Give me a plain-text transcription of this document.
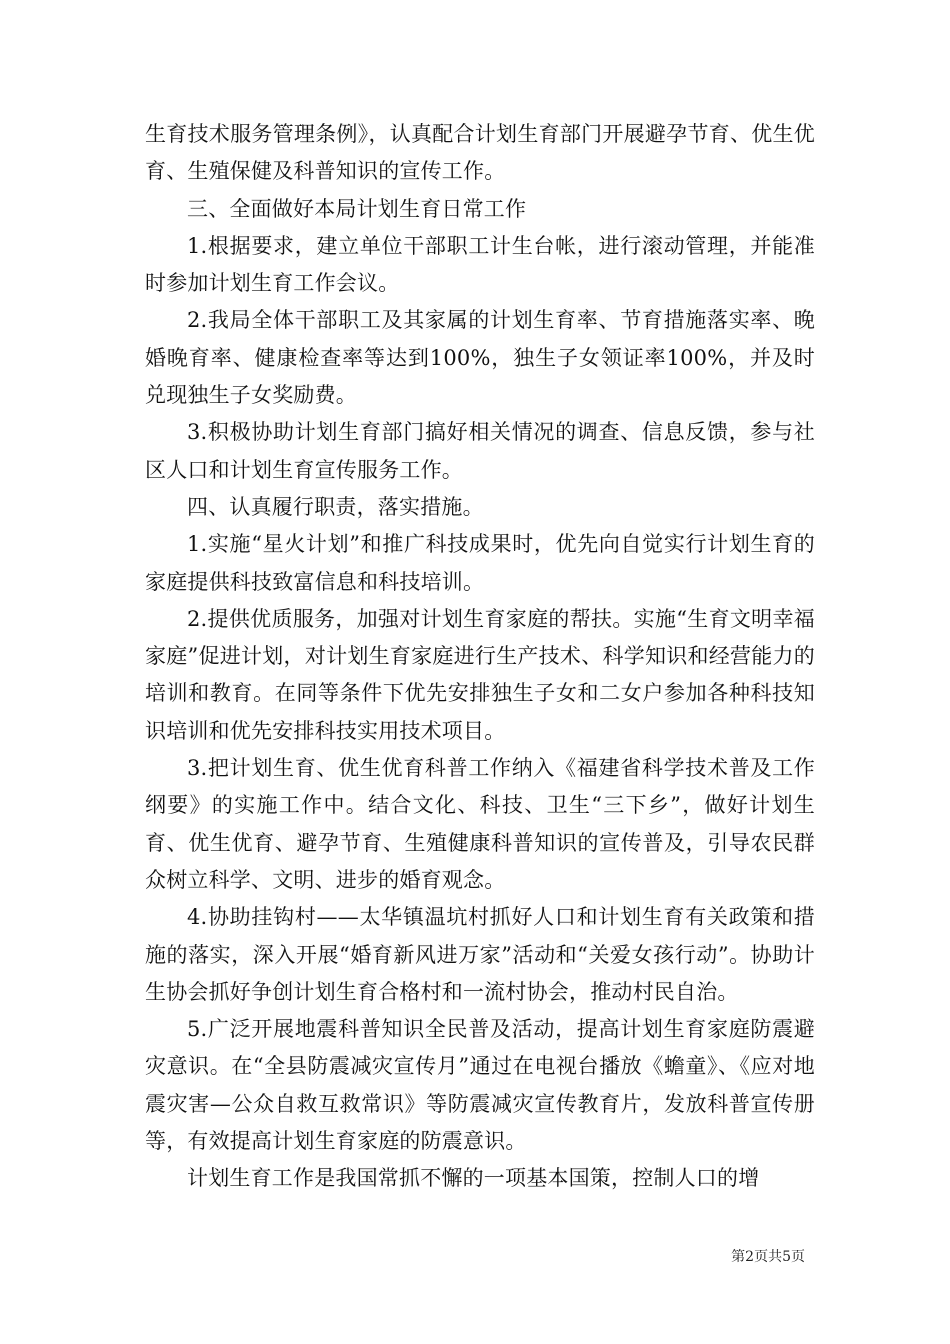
生育技术服务管理条例》，认真配合计划生育部门开展避孕节育、优生优育、生殖保健及科普知识的宣传工作。

三、全面做好本局计划生育日常工作

1.根据要求，建立单位干部职工计生台帐，进行滚动管理，并能准时参加计划生育工作会议。

2.我局全体干部职工及其家属的计划生育率、节育措施落实率、晚婚晚育率、健康检查率等达到100%，独生子女领证率100%，并及时兑现独生子女奖励费。

3.积极协助计划生育部门搞好相关情况的调查、信息反馈，参与社区人口和计划生育宣传服务工作。

四、认真履行职责，落实措施。

1.实施“星火计划”和推广科技成果时，优先向自觉实行计划生育的家庭提供科技致富信息和科技培训。

2.提供优质服务，加强对计划生育家庭的帮扶。实施“生育文明幸福家庭”促进计划，对计划生育家庭进行生产技术、科学知识和经营能力的培训和教育。在同等条件下优先安排独生子女和二女户参加各种科技知识培训和优先安排科技实用技术项目。

3.把计划生育、优生优育科普工作纳入《福建省科学技术普及工作纲要》的实施工作中。结合文化、科技、卫生“三下乡”，做好计划生育、优生优育、避孕节育、生殖健康科普知识的宣传普及，引导农民群众树立科学、文明、进步的婚育观念。

4.协助挂钩村——太华镇温坑村抓好人口和计划生育有关政策和措施的落实，深入开展“婚育新风进万家”活动和“关爱女孩行动”。协助计生协会抓好争创计划生育合格村和一流村协会，推动村民自治。

5.广泛开展地震科普知识全民普及活动，提高计划生育家庭防震避灾意识。在“全县防震减灾宣传月”通过在电视台播放《蟾童》、《应对地震灾害—公众自救互救常识》等防震减灾宣传教育片，发放科普宣传册等，有效提高计划生育家庭的防震意识。

计划生育工作是我国常抓不懈的一项基本国策，控制人口的增

第2页共5页
